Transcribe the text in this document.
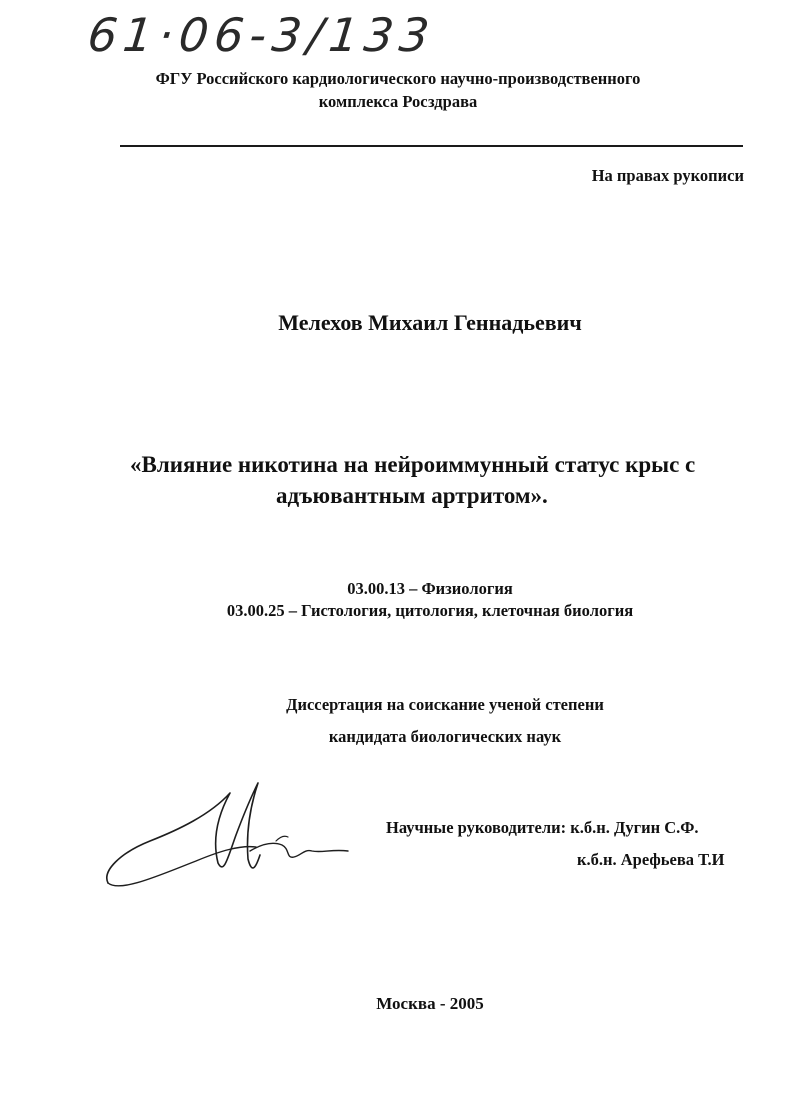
61·06-3/133
ФГУ Российского кардиологического научно-производственного
комплекса Росздрава
На правах рукописи
Мелехов Михаил Геннадьевич
«Влияние никотина на нейроиммунный статус крыс с
адъювантным артритом».
03.00.13 – Физиология
03.00.25 – Гистология, цитология, клеточная биология
Диссертация на соискание ученой степени
кандидата биологических наук
Научные руководители: к.б.н. Дугин С.Ф.
к.б.н. Арефьева Т.И
Москва - 2005
